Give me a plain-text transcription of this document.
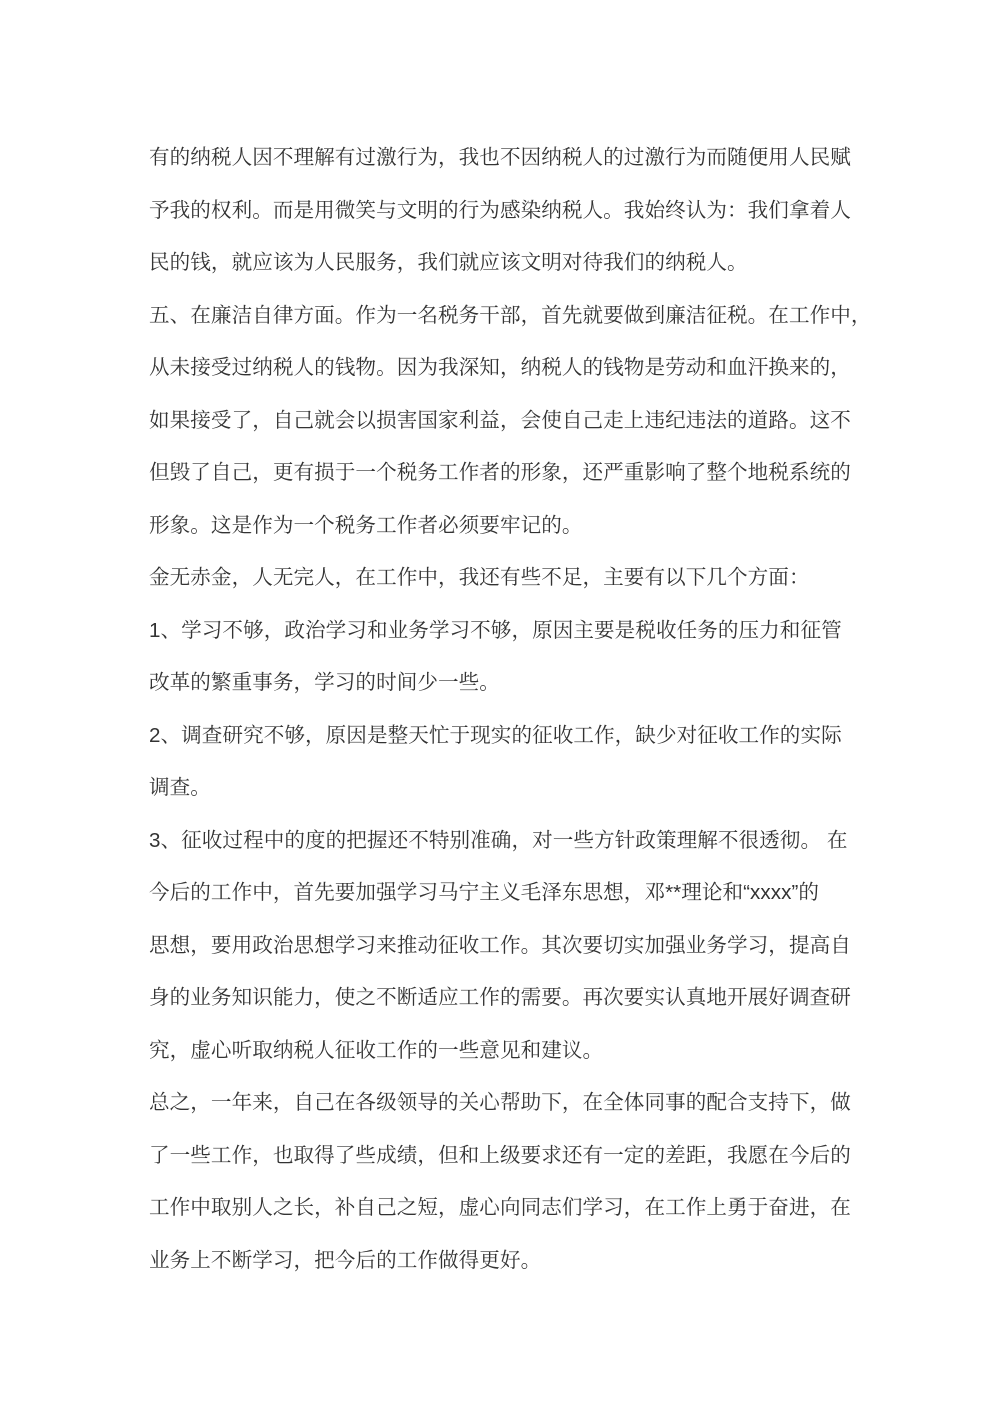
有的纳税人因不理解有过激行为，我也不因纳税人的过激行为而随便用人民赋
予我的权利。而是用微笑与文明的行为感染纳税人。我始终认为：我们拿着人
民的钱，就应该为人民服务，我们就应该文明对待我们的纳税人。
五、在廉洁自律方面。作为一名税务干部，首先就要做到廉洁征税。在工作中，
从未接受过纳税人的钱物。因为我深知，纳税人的钱物是劳动和血汗换来的，
如果接受了，自己就会以损害国家利益，会使自己走上违纪违法的道路。这不
但毁了自己，更有损于一个税务工作者的形象，还严重影响了整个地税系统的
形象。这是作为一个税务工作者必须要牢记的。
金无赤金，人无完人，在工作中，我还有些不足，主要有以下几个方面：
1、学习不够，政治学习和业务学习不够，原因主要是税收任务的压力和征管
改革的繁重事务，学习的时间少一些。
2、调查研究不够，原因是整天忙于现实的征收工作，缺少对征收工作的实际
调查。
3、征收过程中的度的把握还不特别准确，对一些方针政策理解不很透彻。 在
今后的工作中，首先要加强学习马宁主义毛泽东思想，邓**理论和“xxxx”的
思想，要用政治思想学习来推动征收工作。其次要切实加强业务学习，提高自
身的业务知识能力，使之不断适应工作的需要。再次要实认真地开展好调查研
究，虚心听取纳税人征收工作的一些意见和建议。
总之，一年来，自己在各级领导的关心帮助下，在全体同事的配合支持下，做
了一些工作，也取得了些成绩，但和上级要求还有一定的差距，我愿在今后的
工作中取别人之长，补自己之短，虚心向同志们学习，在工作上勇于奋进，在
业务上不断学习，把今后的工作做得更好。
